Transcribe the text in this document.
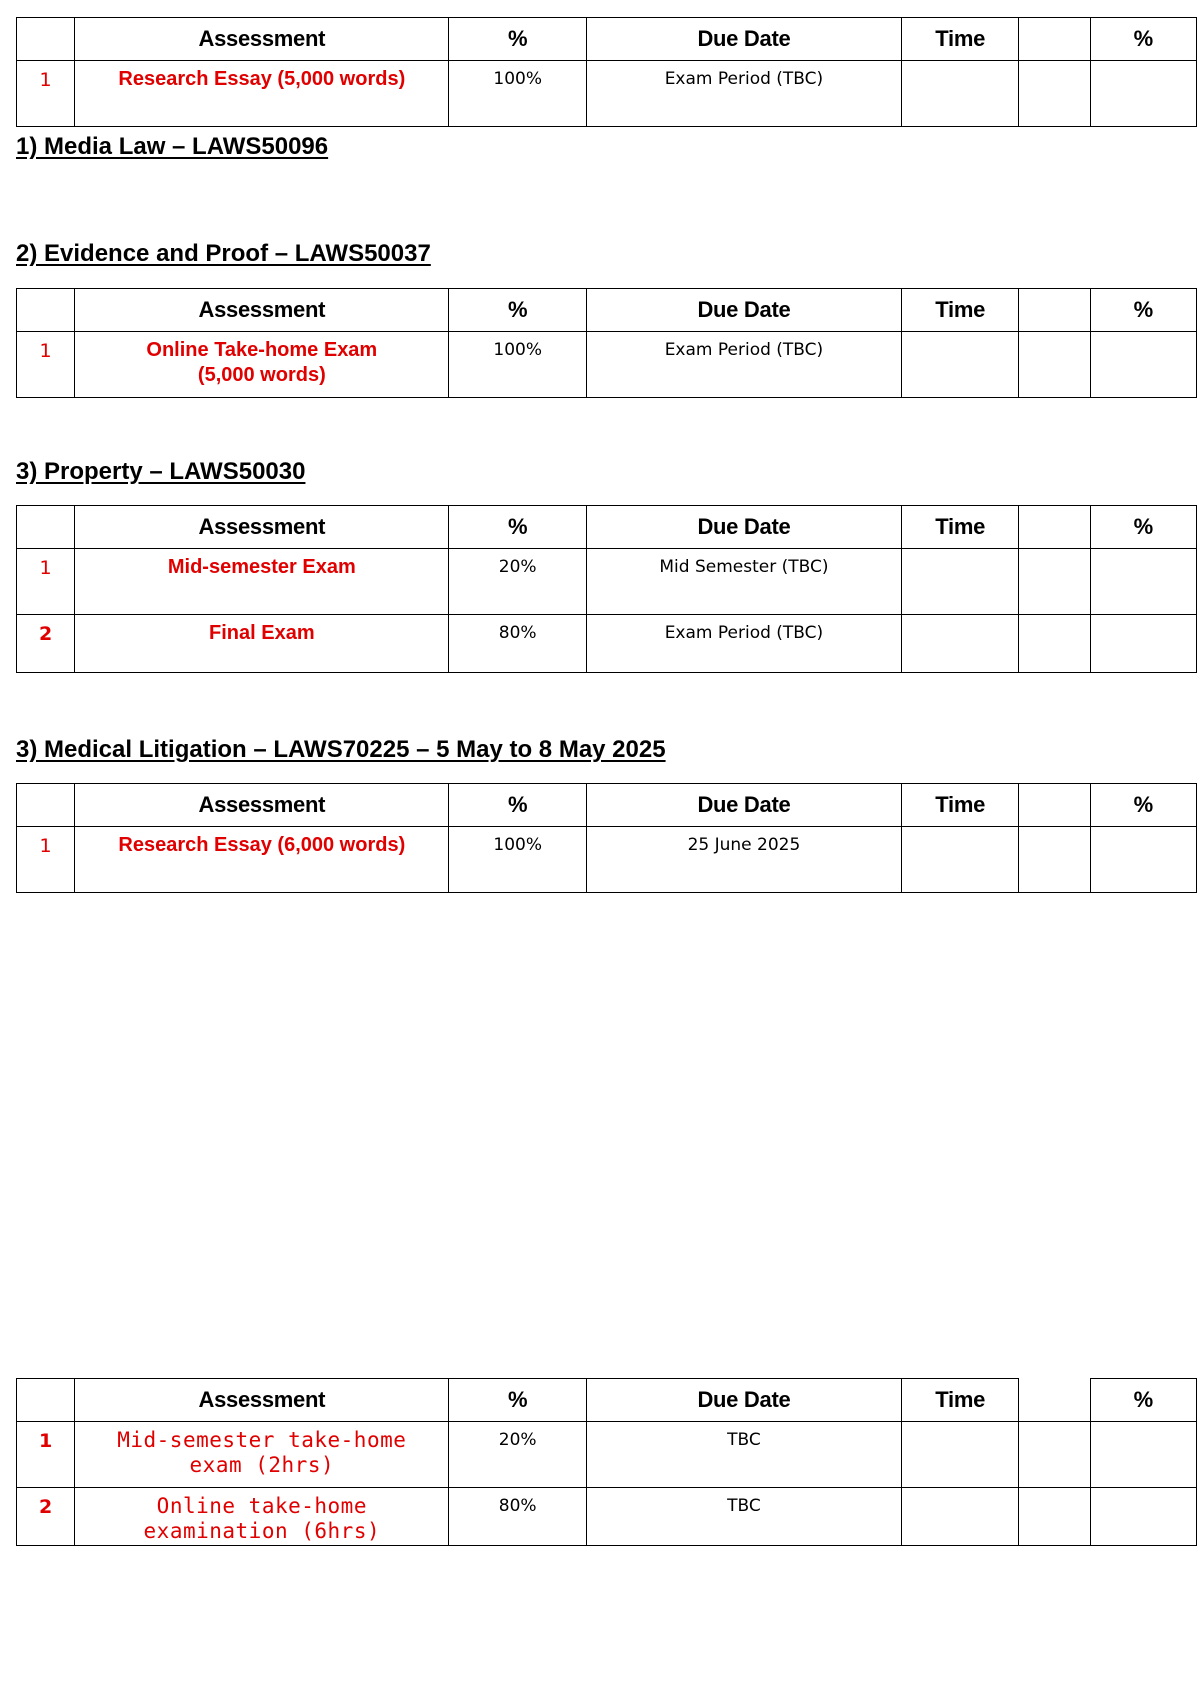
	Assessment	%	Due Date	Time		%
1	Research Essay (5,000 words)	100%	Exam Period (TBC)			

1) Media Law – LAWS50096

2) Evidence and Proof – LAWS50037

	Assessment	%	Due Date	Time		%
1	Online Take-home Exam (5,000 words)	100%	Exam Period (TBC)			

3) Property – LAWS50030

	Assessment	%	Due Date	Time		%
1	Mid-semester Exam	20%	Mid Semester (TBC)			
2	Final Exam	80%	Exam Period (TBC)			

3) Medical Litigation – LAWS70225 – 5 May to 8 May 2025

	Assessment	%	Due Date	Time		%
1	Research Essay (6,000 words)	100%	25 June 2025			
	Assessment	%	Due Date	Time		%
1	Mid-semester take-home exam (2hrs)	20%	TBC			
2	Online take-home examination (6hrs)	80%	TBC			
